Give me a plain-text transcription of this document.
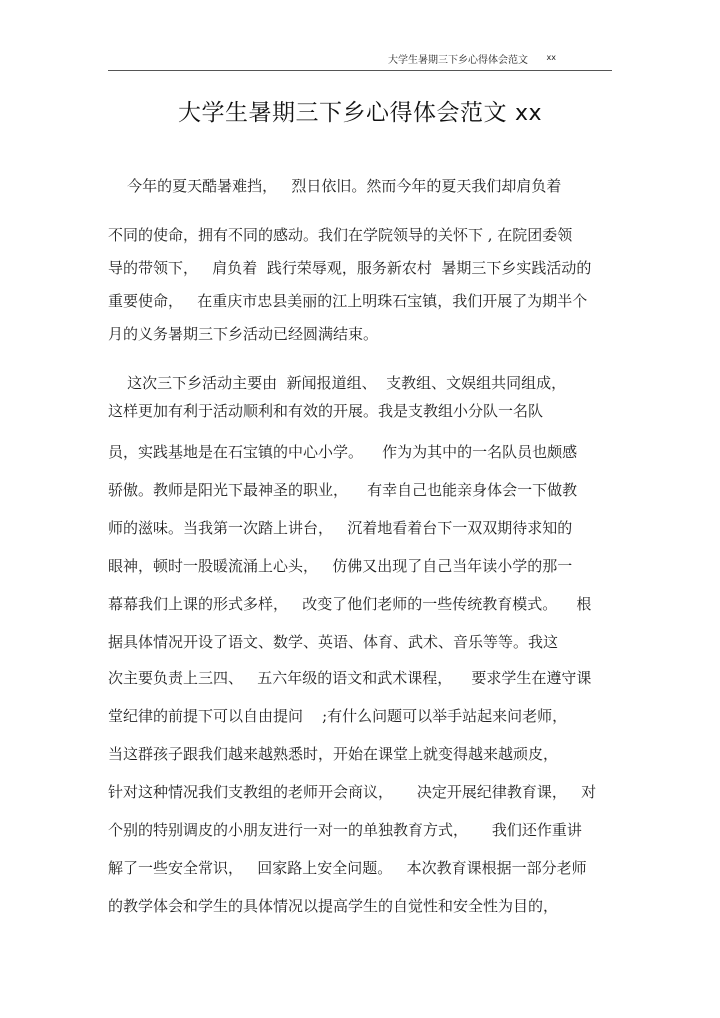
大学生暑期三下乡心得体会范文 xx
大学生暑期三下乡心得体会范文 xx
今年的夏天酷暑难挡，   烈日依旧。然而今年的夏天我们却肩负着
不同的使命，拥有不同的感动。我们在学院领导的关怀下 , 在院团委领
导的带领下，   肩负着  践行荣辱观，服务新农村  暑期三下乡实践活动的
重要使命，   在重庆市忠县美丽的江上明珠石宝镇，我们开展了为期半个
月的义务暑期三下乡活动已经圆满结束。
这次三下乡活动主要由  新闻报道组、  支教组、文娱组共同组成，
这样更加有利于活动顺利和有效的开展。我是支教组小分队一名队
员，实践基地是在石宝镇的中心小学。    作为为其中的一名队员也颇感
骄傲。教师是阳光下最神圣的职业，    有幸自己也能亲身体会一下做教
师的滋味。当我第一次踏上讲台，   沉着地看着台下一双双期待求知的
眼神，顿时一股暖流涌上心头，   仿佛又出现了自己当年读小学的那一
幕幕我们上课的形式多样，   改变了他们老师的一些传统教育模式。    根
据具体情况开设了语文、数学、英语、体育、武术、音乐等等。我这
次主要负责上三四、   五六年级的语文和武术课程，    要求学生在遵守课
堂纪律的前提下可以自由提问    ;有什么问题可以举手站起来问老师，
当这群孩子跟我们越来越熟悉时，开始在课堂上就变得越来越顽皮，
针对这种情况我们支教组的老师开会商议，     决定开展纪律教育课，   对
个别的特别调皮的小朋友进行一对一的单独教育方式，     我们还作重讲
解了一些安全常识，   回家路上安全问题。   本次教育课根据一部分老师
的教学体会和学生的具体情况以提高学生的自觉性和安全性为目的，
